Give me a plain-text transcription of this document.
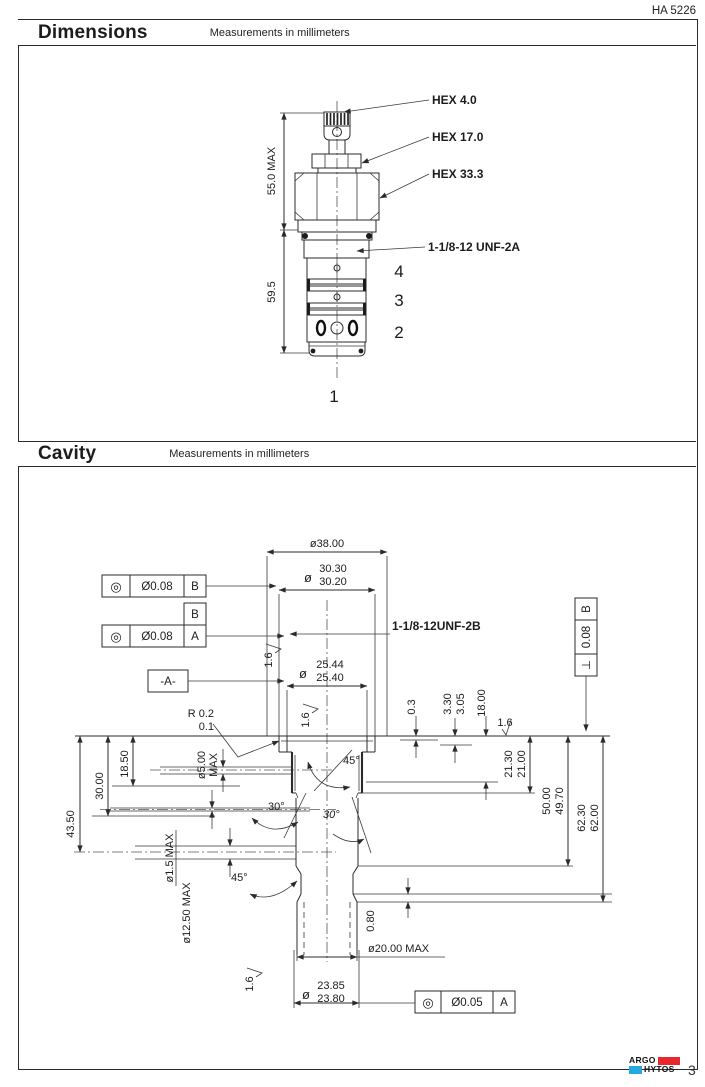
HA 5226
Dimensions	Measurements in millimeters
55.0 MAX
59.5
HEX 4.0
HEX 17.0
HEX 33.3
1-1/8-12 UNF-2A
4
3
2
1
Cavity	Measurements in millimeters
ø38.00
ø
30.30
30.20
ø
25.44
25.40
1-1/8-12UNF-2B
◎ Ø0.08 B
B
◎ Ø0.08 A
-A-
B
0.08
⊥
18.50
30.00
43.50
R 0.2
0.1
ø5.00 MAX
ø1.5 MAX
ø12.50 MAX
45°
30°
30°
45°
0.3 3.30 3.05 18.00
21.30 21.00
50.00 49.70
62.30 62.00
0.80
ø20.00 MAX
ø
23.85
23.80	◎ Ø0.05 A
1.6
1.6	1.6
1.6
ARGO
HYTOS 3
